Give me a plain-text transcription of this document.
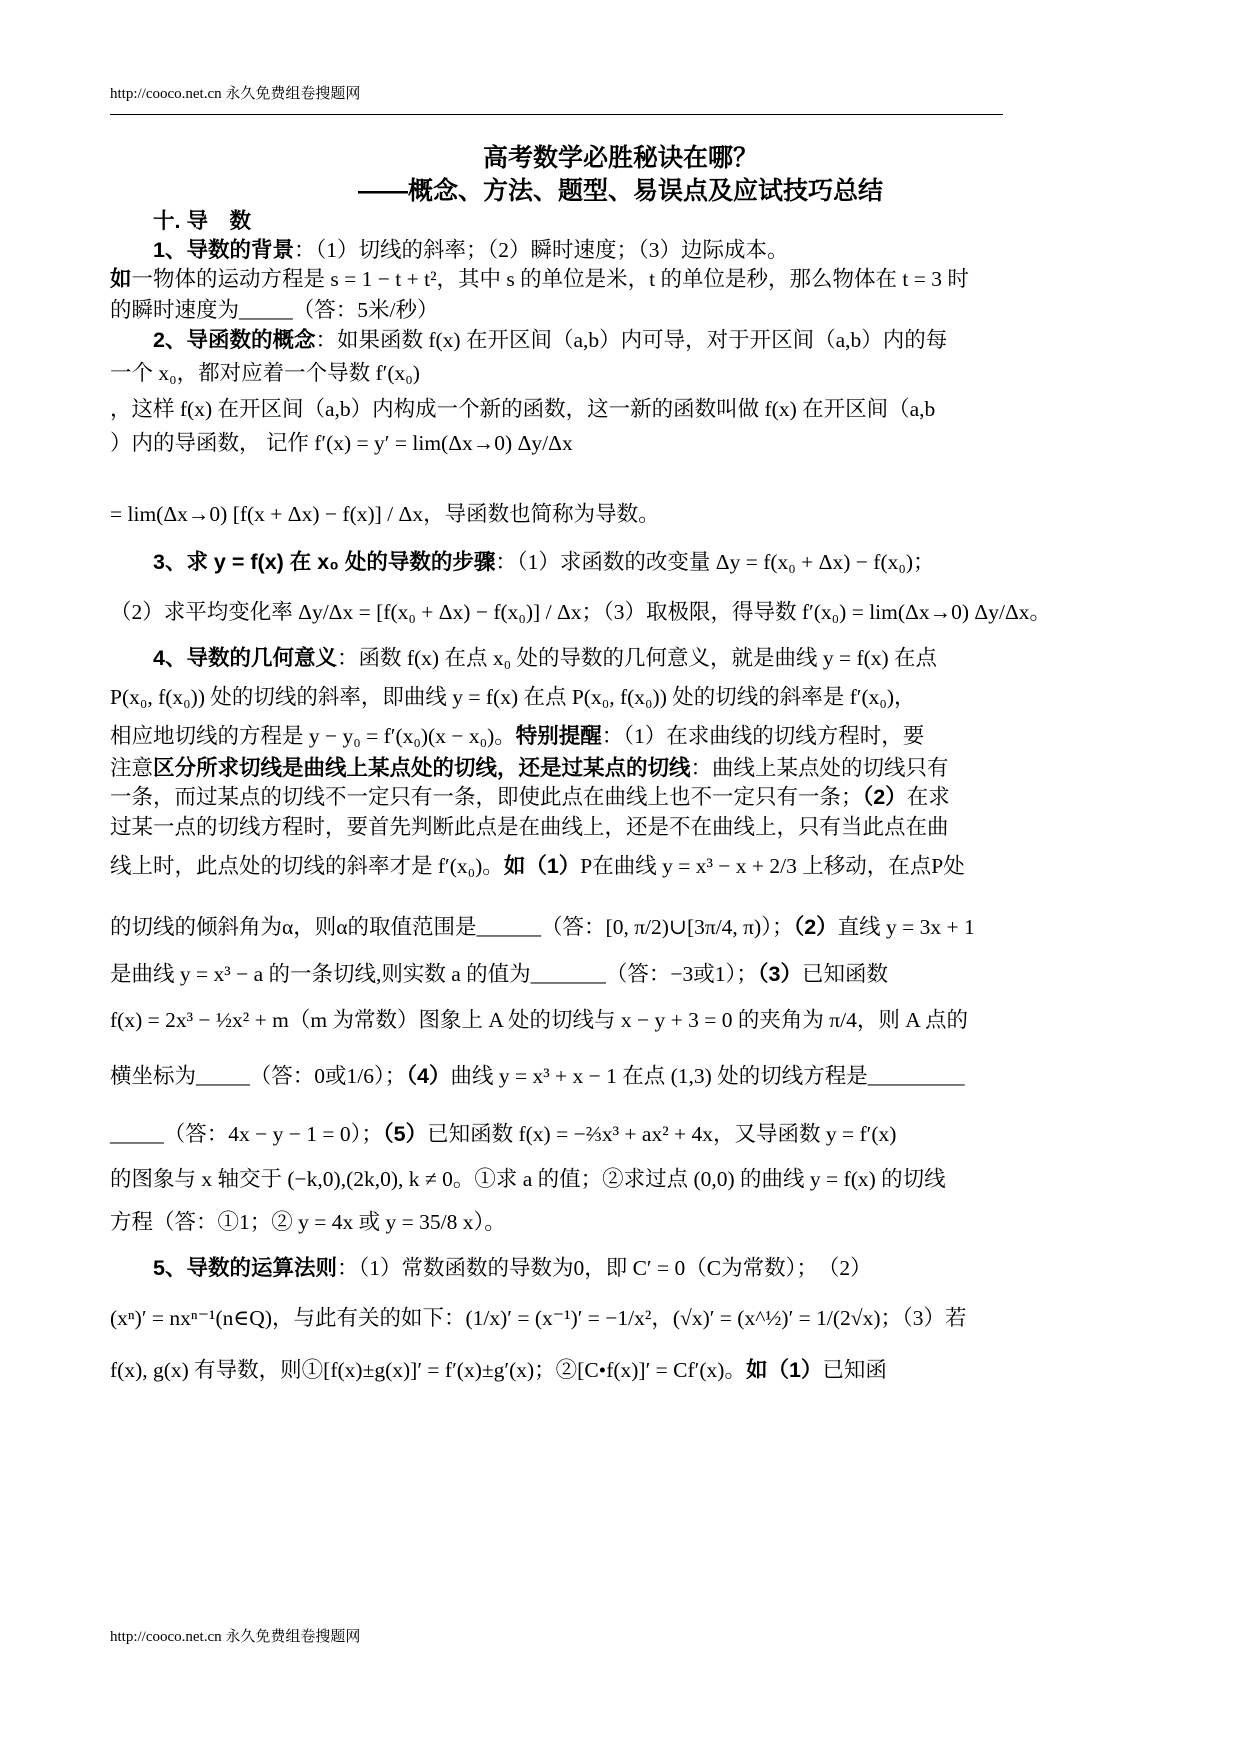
http://cooco.net.cn 永久免费组卷搜题网
高考数学必胜秘诀在哪？
——概念、方法、题型、易误点及应试技巧总结
　　十. 导　数
　　1、导数的背景：（1）切线的斜率；（2）瞬时速度；（3）边际成本。
如一物体的运动方程是 s = 1 − t + t²，其中 s 的单位是米，t 的单位是秒，那么物体在 t = 3 时
的瞬时速度为_____（答：5米/秒）
　　2、导函数的概念：如果函数 f(x) 在开区间（a,b）内可导，对于开区间（a,b）内的每
一个 x₀，都对应着一个导数 f′(x₀)
，这样 f(x) 在开区间（a,b）内构成一个新的函数，这一新的函数叫做 f(x) 在开区间（a,b
）内的导函数， 记作 f′(x) = y′ = lim(Δx→0) Δy/Δx
= lim(Δx→0) [f(x + Δx) − f(x)] / Δx，导函数也简称为导数。
　　3、求 y = f(x) 在 x₀ 处的导数的步骤：（1）求函数的改变量 Δy = f(x₀ + Δx) − f(x₀)；
（2）求平均变化率 Δy/Δx = [f(x₀ + Δx) − f(x₀)] / Δx；（3）取极限，得导数 f′(x₀) = lim(Δx→0) Δy/Δx。
　　4、导数的几何意义：函数 f(x) 在点 x₀ 处的导数的几何意义，就是曲线 y = f(x) 在点
P(x₀, f(x₀)) 处的切线的斜率，即曲线 y = f(x) 在点 P(x₀, f(x₀)) 处的切线的斜率是 f′(x₀)，
相应地切线的方程是 y − y₀ = f′(x₀)(x − x₀)。特别提醒：（1）在求曲线的切线方程时，要
注意区分所求切线是曲线上某点处的切线，还是过某点的切线：曲线上某点处的切线只有
一条，而过某点的切线不一定只有一条，即使此点在曲线上也不一定只有一条；（2）在求
过某一点的切线方程时，要首先判断此点是在曲线上，还是不在曲线上，只有当此点在曲
线上时，此点处的切线的斜率才是 f′(x₀)。如（1）P在曲线 y = x³ − x + 2/3 上移动，在点P处
的切线的倾斜角为α，则α的取值范围是______（答：[0, π/2)∪[3π/4, π)）；（2）直线 y = 3x + 1
是曲线 y = x³ − a 的一条切线,则实数 a 的值为_______（答：−3或1）；（3）已知函数
f(x) = 2x³ − ½x² + m（m 为常数）图象上 A 处的切线与 x − y + 3 = 0 的夹角为 π/4，则 A 点的
横坐标为_____（答：0或1/6）；（4）曲线 y = x³ + x − 1 在点 (1,3) 处的切线方程是_________
_____（答：4x − y − 1 = 0）；（5）已知函数 f(x) = −⅔x³ + ax² + 4x，又导函数 y = f′(x)
的图象与 x 轴交于 (−k,0),(2k,0), k ≠ 0。①求 a 的值；②求过点 (0,0) 的曲线 y = f(x) 的切线
方程（答：①1；② y = 4x 或 y = 35/8 x）。
　　5、导数的运算法则：（1）常数函数的导数为0，即 C′ = 0（C为常数）；　（2）
(xⁿ)′ = nxⁿ⁻¹(n∈Q)，与此有关的如下：(1/x)′ = (x⁻¹)′ = −1/x²，(√x)′ = (x^½)′ = 1/(2√x)；（3）若
f(x), g(x) 有导数，则①[f(x)±g(x)]′ = f′(x)±g′(x)；②[C•f(x)]′ = Cf′(x)。如（1）已知函
http://cooco.net.cn 永久免费组卷搜题网
